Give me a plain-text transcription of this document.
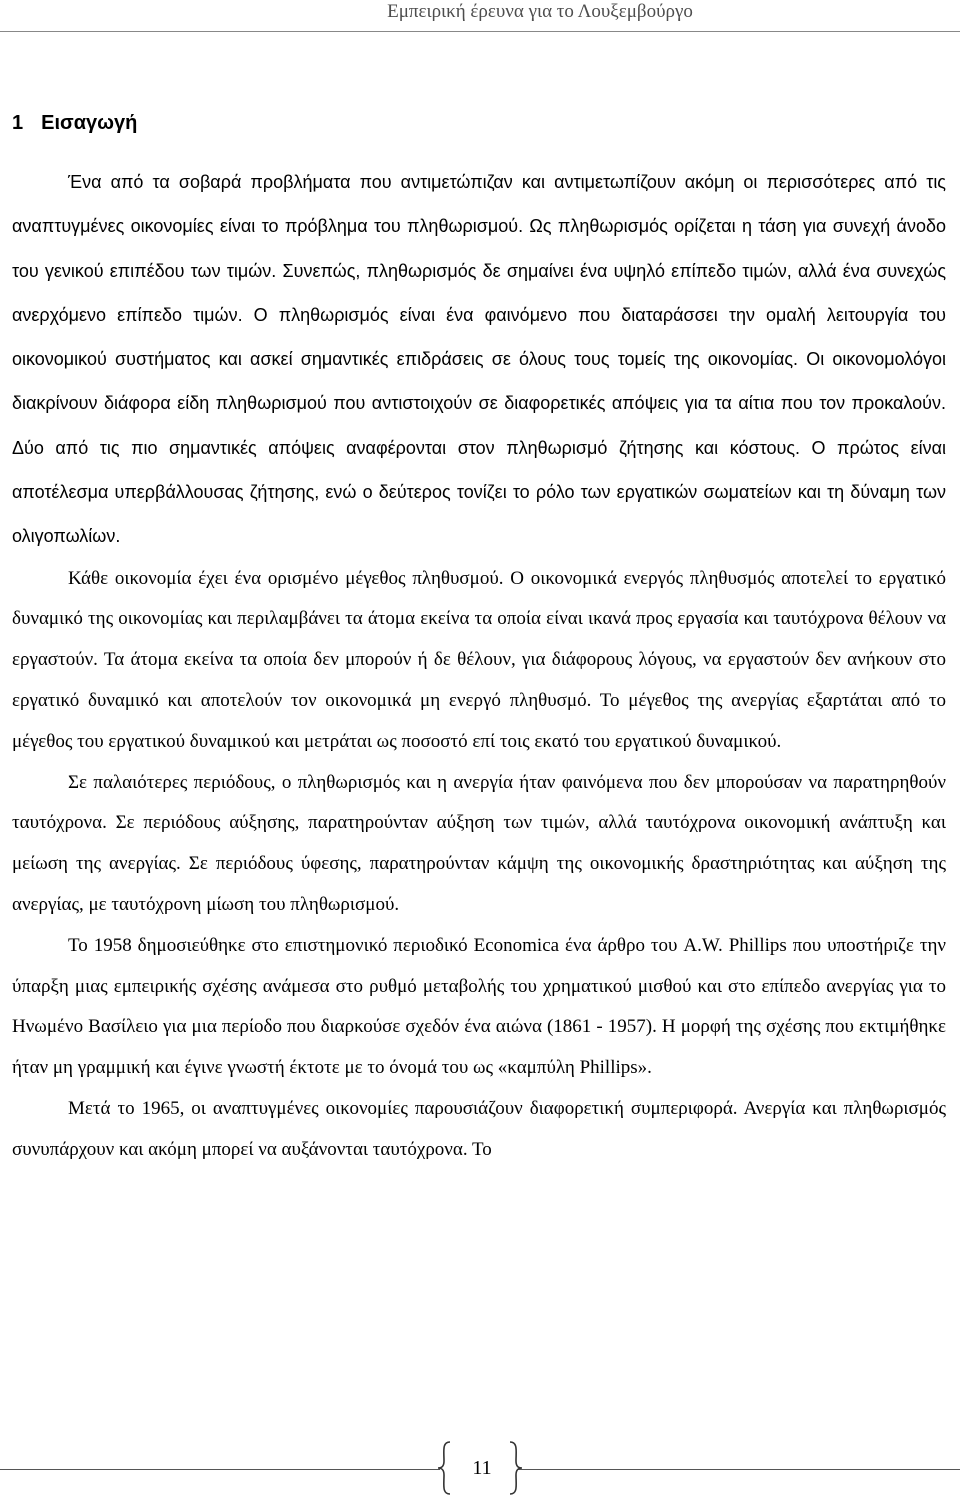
Εμπειρική έρευνα για το Λουξεμβούργο
1 Εισαγωγή

Ένα από τα σοβαρά προβλήματα που αντιμετώπιζαν και αντιμετωπίζουν ακόμη οι περισσότερες από τις αναπτυγμένες οικονομίες είναι το πρόβλημα του πληθωρισμού. Ως πληθωρισμός ορίζεται η τάση για συνεχή άνοδο του γενικού επιπέδου των τιμών. Συνεπώς, πληθωρισμός δε σημαίνει ένα υψηλό επίπεδο τιμών, αλλά ένα συνεχώς ανερχόμενο επίπεδο τιμών. Ο πληθωρισμός είναι ένα φαινόμενο που διαταράσσει την ομαλή λειτουργία του οικονομικού συστήματος και ασκεί σημαντικές επιδράσεις σε όλους τους τομείς της οικονομίας. Οι οικονομολόγοι διακρίνουν διάφορα είδη πληθωρισμού που αντιστοιχούν σε διαφορετικές απόψεις για τα αίτια που τον προκαλούν. Δύο από τις πιο σημαντικές απόψεις αναφέρονται στον πληθωρισμό ζήτησης και κόστους. Ο πρώτος είναι αποτέλεσμα υπερβάλλουσας ζήτησης, ενώ ο δεύτερος τονίζει το ρόλο των εργατικών σωματείων και τη δύναμη των ολιγοπωλίων.

Κάθε οικονομία έχει ένα ορισμένο μέγεθος πληθυσμού. Ο οικονομικά ενεργός πληθυσμός αποτελεί το εργατικό δυναμικό της οικονομίας και περιλαμβάνει τα άτομα εκείνα τα οποία είναι ικανά προς εργασία και ταυτόχρονα θέλουν να εργαστούν. Τα άτομα εκείνα τα οποία δεν μπορούν ή δε θέλουν, για διάφορους λόγους, να εργαστούν δεν ανήκουν στο εργατικό δυναμικό και αποτελούν τον οικονομικά μη ενεργό πληθυσμό. Το μέγεθος της ανεργίας εξαρτάται από το μέγεθος του εργατικού δυναμικού και μετράται ως ποσοστό επί τοις εκατό του εργατικού δυναμικού.

Σε παλαιότερες περιόδους, ο πληθωρισμός και η ανεργία ήταν φαινόμενα που δεν μπορούσαν να παρατηρηθούν ταυτόχρονα. Σε περιόδους αύξησης, παρατηρούνταν αύξηση των τιμών, αλλά ταυτόχρονα οικονομική ανάπτυξη και μείωση της ανεργίας. Σε περιόδους ύφεσης, παρατηρούνταν κάμψη της οικονομικής δραστηριότητας και αύξηση της ανεργίας, με ταυτόχρονη μίωση του πληθωρισμού.

Το 1958 δημοσιεύθηκε στο επιστημονικό περιοδικό Economica ένα άρθρο του A.W. Phillips που υποστήριζε την ύπαρξη μιας εμπειρικής σχέσης ανάμεσα στο ρυθμό μεταβολής του χρηματικού μισθού και στο επίπεδο ανεργίας για το Ηνωμένο Βασίλειο για μια περίοδο που διαρκούσε σχεδόν ένα αιώνα (1861 - 1957). Η μορφή της σχέσης που εκτιμήθηκε ήταν μη γραμμική και έγινε γνωστή έκτοτε με το όνομά του ως «καμπύλη Phillips».

Μετά το 1965, οι αναπτυγμένες οικονομίες παρουσιάζουν διαφορετική συμπεριφορά. Ανεργία και πληθωρισμός συνυπάρχουν και ακόμη μπορεί να αυξάνονται ταυτόχρονα. Το

11
